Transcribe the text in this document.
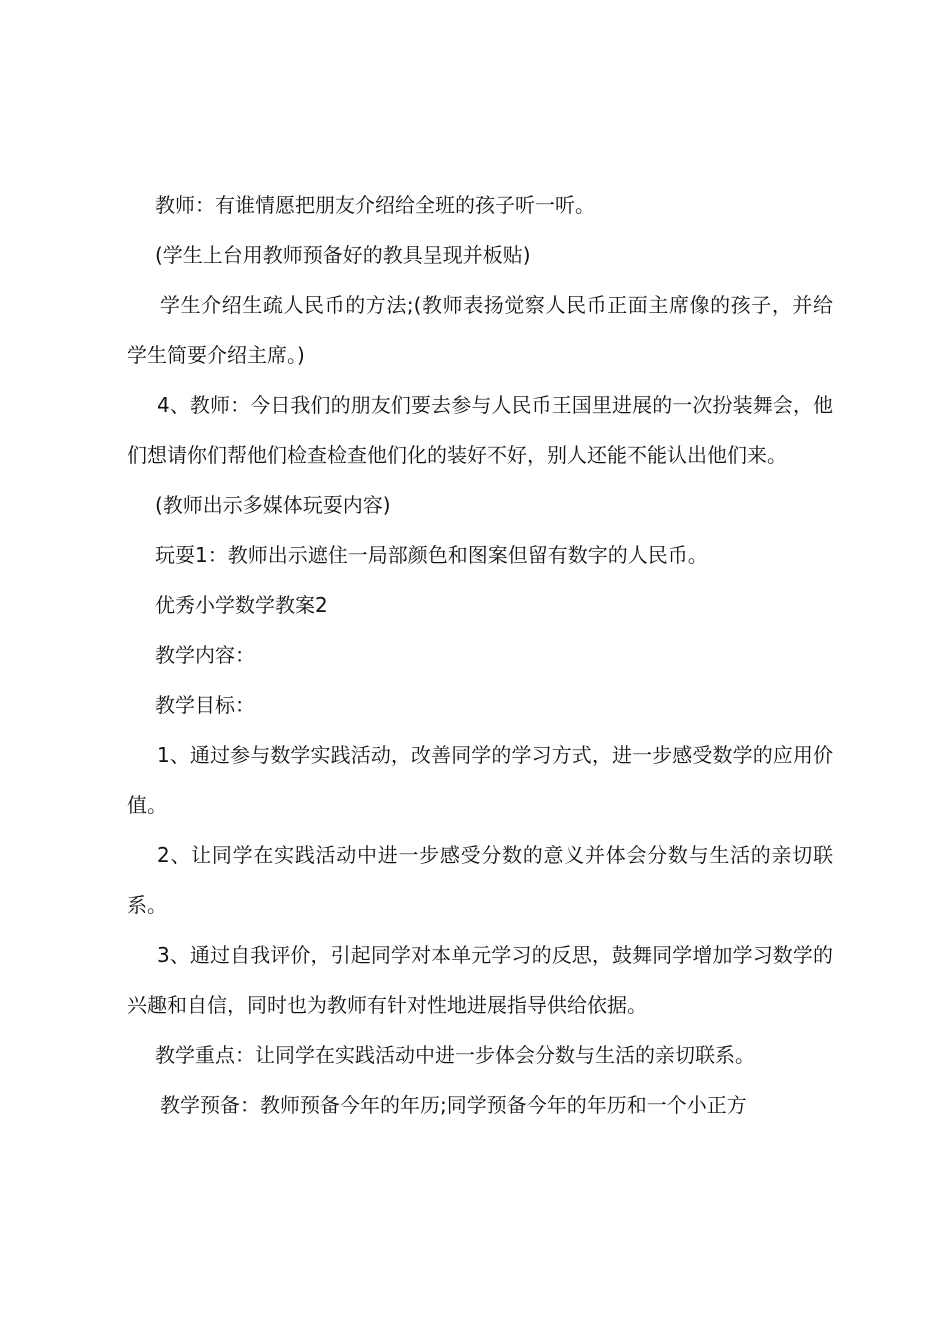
教师：有谁情愿把朋友介绍给全班的孩子听一听。

(学生上台用教师预备好的教具呈现并板贴)

学生介绍生疏人民币的方法;(教师表扬觉察人民币正面主席像的孩子，并给学生简要介绍主席。)

4、教师：今日我们的朋友们要去参与人民币王国里进展的一次扮装舞会，他们想请你们帮他们检查检查他们化的装好不好，别人还能不能认出他们来。

(教师出示多媒体玩耍内容)

玩耍1：教师出示遮住一局部颜色和图案但留有数字的人民币。

优秀小学数学教案2

教学内容：

教学目标：

1、通过参与数学实践活动，改善同学的学习方式，进一步感受数学的应用价值。

2、让同学在实践活动中进一步感受分数的意义并体会分数与生活的亲切联系。

3、通过自我评价，引起同学对本单元学习的反思，鼓舞同学增加学习数学的兴趣和自信，同时也为教师有针对性地进展指导供给依据。

教学重点：让同学在实践活动中进一步体会分数与生活的亲切联系。

教学预备：教师预备今年的年历;同学预备今年的年历和一个小正方
